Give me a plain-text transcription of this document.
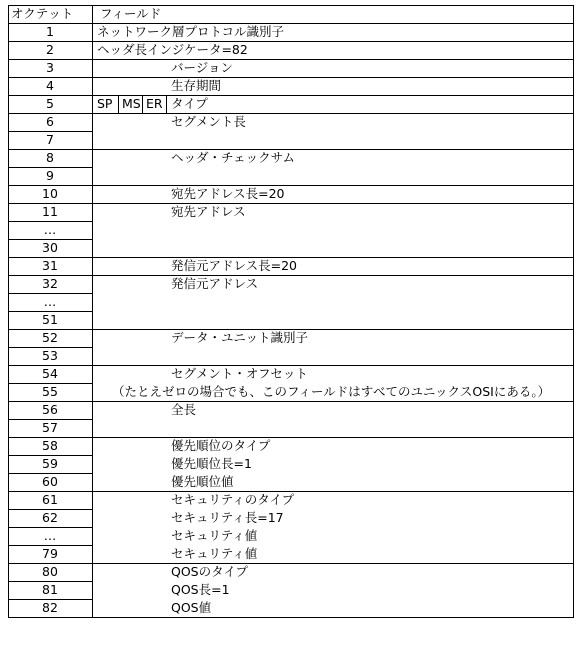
オクテット フィールド
1
2
3
4
5
6
7
8
9
10
11
…
30
31
32
…
51
52
53
54
55
56
57
58
59
60
61
62
…
79
80
81
82
ネットワーク層プロトコル識別子
ヘッダ長インジケータ=82
バージョン
生存期間
SP MS ER タイプ
セグメント長
ヘッダ・チェックサム
宛先アドレス長=20
宛先アドレス
発信元アドレス長=20
発信元アドレス
データ・ユニット識別子
セグメント・オフセット
（たとえゼロの場合でも、このフィールドはすべてのユニックスOSIにある。）
全長
優先順位のタイプ
優先順位長=1
優先順位値
セキュリティのタイプ
セキュリティ長=17
セキュリティ値
セキュリティ値
QOSのタイプ
QOS長=1
QOS値
